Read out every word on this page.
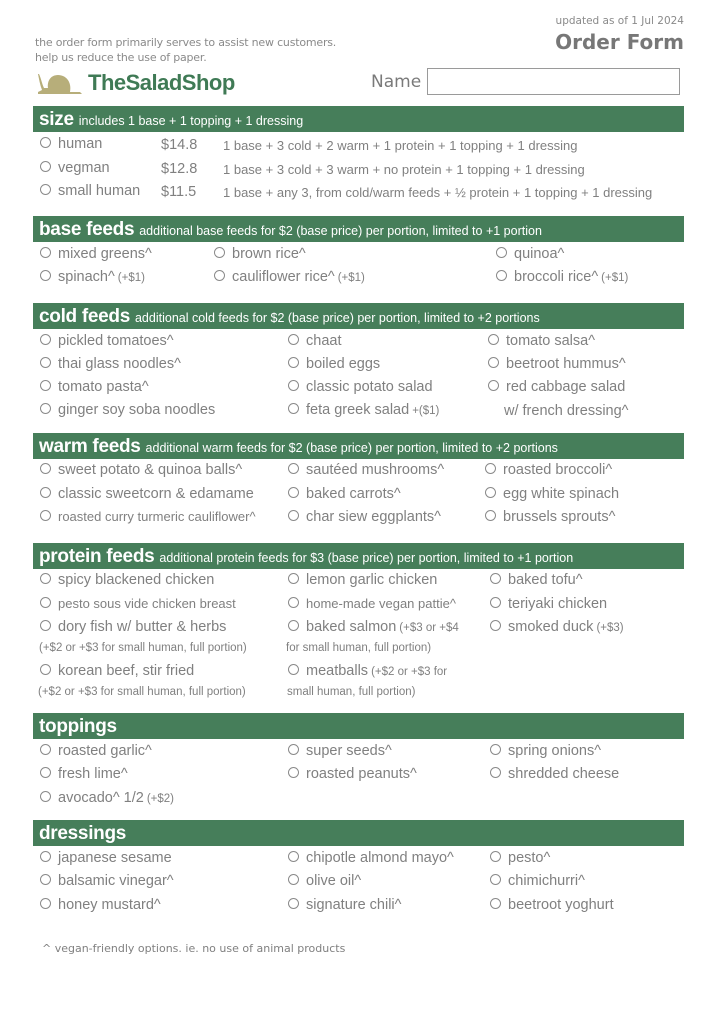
the order form primarily serves to assist new customers.
help us reduce the use of paper.
updated as of 1 Jul 2024
Order Form
TheSaladShop	Name
size includes 1 base + 1 topping + 1 dressing
human	$14.8 1 base + 3 cold + 2 warm + 1 protein + 1 topping + 1 dressing
vegman	$12.8 1 base + 3 cold + 3 warm + no protein + 1 topping + 1 dressing
small human $11.5 1 base + any 3, from cold/warm feeds + ½ protein + 1 topping + 1 dressing
base feeds additional base feeds for $2 (base price) per portion, limited to +1 portion
mixed greens^	brown rice^	quinoa^
spinach^ (+$1)	cauliflower rice^ (+$1)	broccoli rice^ (+$1)
cold feeds additional cold feeds for $2 (base price) per portion, limited to +2 portions
pickled tomatoes^	chaat	tomato salsa^
thai glass noodles^	boiled eggs	beetroot hummus^
tomato pasta^	classic potato salad	red cabbage salad
ginger soy soba noodles	feta greek salad +($1)	w/ french dressing^
warm feeds additional warm feeds for $2 (base price) per portion, limited to +2 portions
sweet potato & quinoa balls^	sautéed mushrooms^	roasted broccoli^
classic sweetcorn & edamame	baked carrots^	egg white spinach
roasted curry turmeric cauliflower^	char siew eggplants^	brussels sprouts^
protein feeds additional protein feeds for $3 (base price) per portion, limited to +1 portion
spicy blackened chicken	lemon garlic chicken	baked tofu^
pesto sous vide chicken breast	home-made vegan pattie^	teriyaki chicken
dory fish w/ butter & herbs	baked salmon (+$3 or +$4	smoked duck (+$3)
(+$2 or +$3 for small human, full portion)	for small human, full portion)
korean beef, stir fried	meatballs (+$2 or +$3 for
(+$2 or +$3 for small human, full portion)	small human, full portion)
toppings
roasted garlic^	super seeds^	spring onions^
fresh lime^	roasted peanuts^	shredded cheese
avocado^ 1/2 (+$2)
dressings
japanese sesame	chipotle almond mayo^	pesto^
balsamic vinegar^	olive oil^	chimichurri^
honey mustard^	signature chili^	beetroot yoghurt
^ vegan-friendly options. ie. no use of animal products
